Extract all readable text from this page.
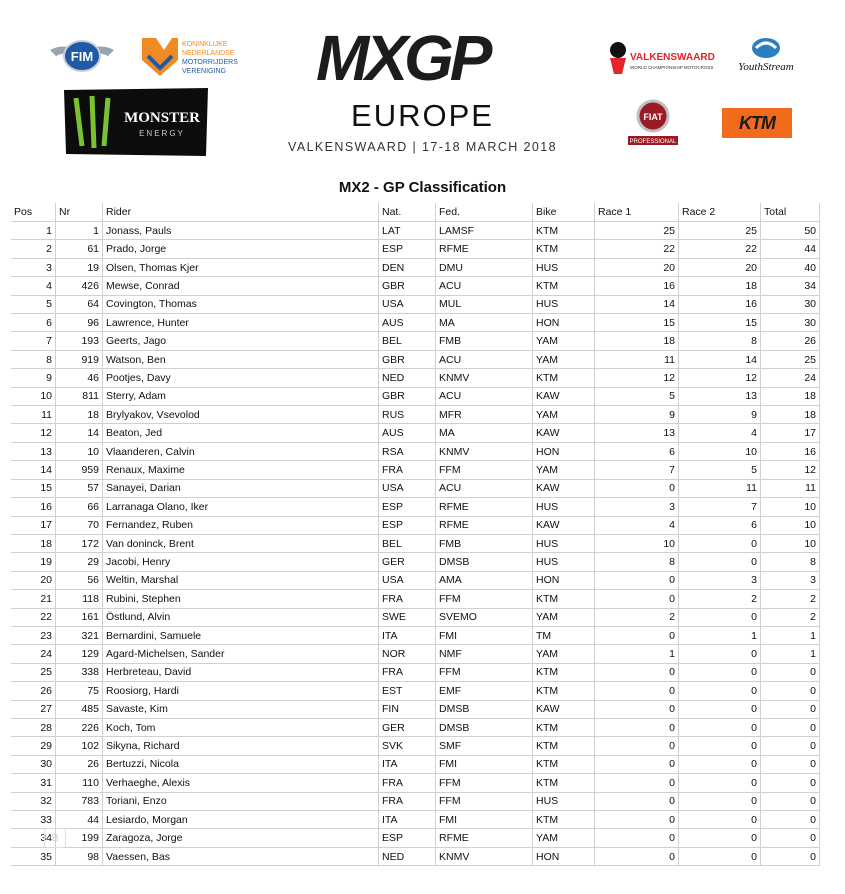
FIM
KONINKLIJKE
NEDERLANDSE
MOTORRIJDERS
VERENIGING
MONSTER
ENERGY
MXGP
EUROPE
VALKENSWAARD | 17-18 MARCH 2018
VALKENSWAARD
WORLD CHAMPIONSHIP MOTOCROSS YouthStream
FIAT
PROFESSIONAL
KTM
MX2 - GP Classification
Pos	Nr	Rider	Nat.	Fed.	Bike	Race 1	Race 2	Total
1	1	Jonass, Pauls	LAT	LAMSF	KTM	25	25	50
2	61	Prado, Jorge	ESP	RFME	KTM	22	22	44
3	19	Olsen, Thomas Kjer	DEN	DMU	HUS	20	20	40
4	426	Mewse, Conrad	GBR	ACU	KTM	16	18	34
5	64	Covington, Thomas	USA	MUL	HUS	14	16	30
6	96	Lawrence, Hunter	AUS	MA	HON	15	15	30
7	193	Geerts, Jago	BEL	FMB	YAM	18	8	26
8	919	Watson, Ben	GBR	ACU	YAM	11	14	25
9	46	Pootjes, Davy	NED	KNMV	KTM	12	12	24
10	811	Sterry, Adam	GBR	ACU	KAW	5	13	18
11	18	Brylyakov, Vsevolod	RUS	MFR	YAM	9	9	18
12	14	Beaton, Jed	AUS	MA	KAW	13	4	17
13	10	Vlaanderen, Calvin	RSA	KNMV	HON	6	10	16
14	959	Renaux, Maxime	FRA	FFM	YAM	7	5	12
15	57	Sanayei, Darian	USA	ACU	KAW	0	11	11
16	66	Larranaga Olano, Iker	ESP	RFME	HUS	3	7	10
17	70	Fernandez, Ruben	ESP	RFME	KAW	4	6	10
18	172	Van doninck, Brent	BEL	FMB	HUS	10	0	10
19	29	Jacobi, Henry	GER	DMSB	HUS	8	0	8
20	56	Weltin, Marshal	USA	AMA	HON	0	3	3
21	118	Rubini, Stephen	FRA	FFM	KTM	0	2	2
22	161	Östlund, Alvin	SWE	SVEMO	YAM	2	0	2
23	321	Bernardini, Samuele	ITA	FMI	TM	0	1	1
24	129	Agard-Michelsen, Sander	NOR	NMF	YAM	1	0	1
25	338	Herbreteau, David	FRA	FFM	KTM	0	0	0
26	75	Roosiorg, Hardi	EST	EMF	KTM	0	0	0
27	485	Savaste, Kim	FIN	DMSB	KAW	0	0	0
28	226	Koch, Tom	GER	DMSB	KTM	0	0	0
29	102	Sikyna, Richard	SVK	SMF	KTM	0	0	0
30	26	Bertuzzi, Nicola	ITA	FMI	KTM	0	0	0
31	110	Verhaeghe, Alexis	FRA	FFM	KTM	0	0	0
32	783	Toriani, Enzo	FRA	FFM	HUS	0	0	0
33	44	Lesiardo, Morgan	ITA	FMI	KTM	0	0	0
34	199	Zaragoza, Jorge	ESP	RFME	YAM	0	0	0
35	98	Vaessen, Bas	NED	KNMV	HON	0	0	0
B
